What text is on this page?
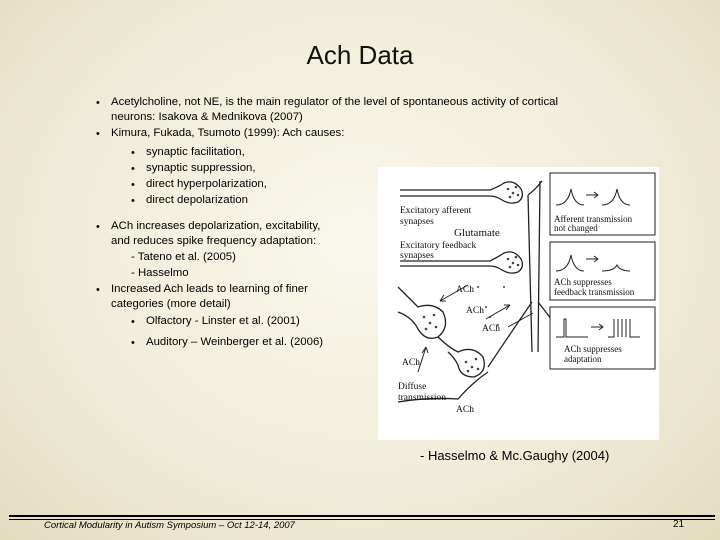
Ach Data
• Acetylcholine, not NE, is the main regulator of the level of spontaneous activity of cortical
neurons: Isakova & Mednikova (2007)
• Kimura, Fukada, Tsumoto (1999): Ach causes:
• synaptic facilitation,
• synaptic suppression,
• direct hyperpolarization,
• direct depolarization
• ACh increases depolarization, excitability,
and reduces spike frequency adaptation:
- Tateno et al. (2005)
- Hasselmo
• Increased Ach leads to learning of finer
categories (more detail)
• Olfactory - Linster et al. (2001)
• Auditory – Weinberger et al. (2006)
Excitatory afferent
synapses
Glutamate
Excitatory feedback
synapses
ACh
ACh
ACh
ACh
Diffuse
transmission
ACh
Afferent transmission
not changed
ACh suppresses
feedback transmission
ACh suppresses
adaptation
- Hasselmo & Mc.Gaughy (2004)
Cortical Modularity in Autism Symposium – Oct 12-14, 2007	21
